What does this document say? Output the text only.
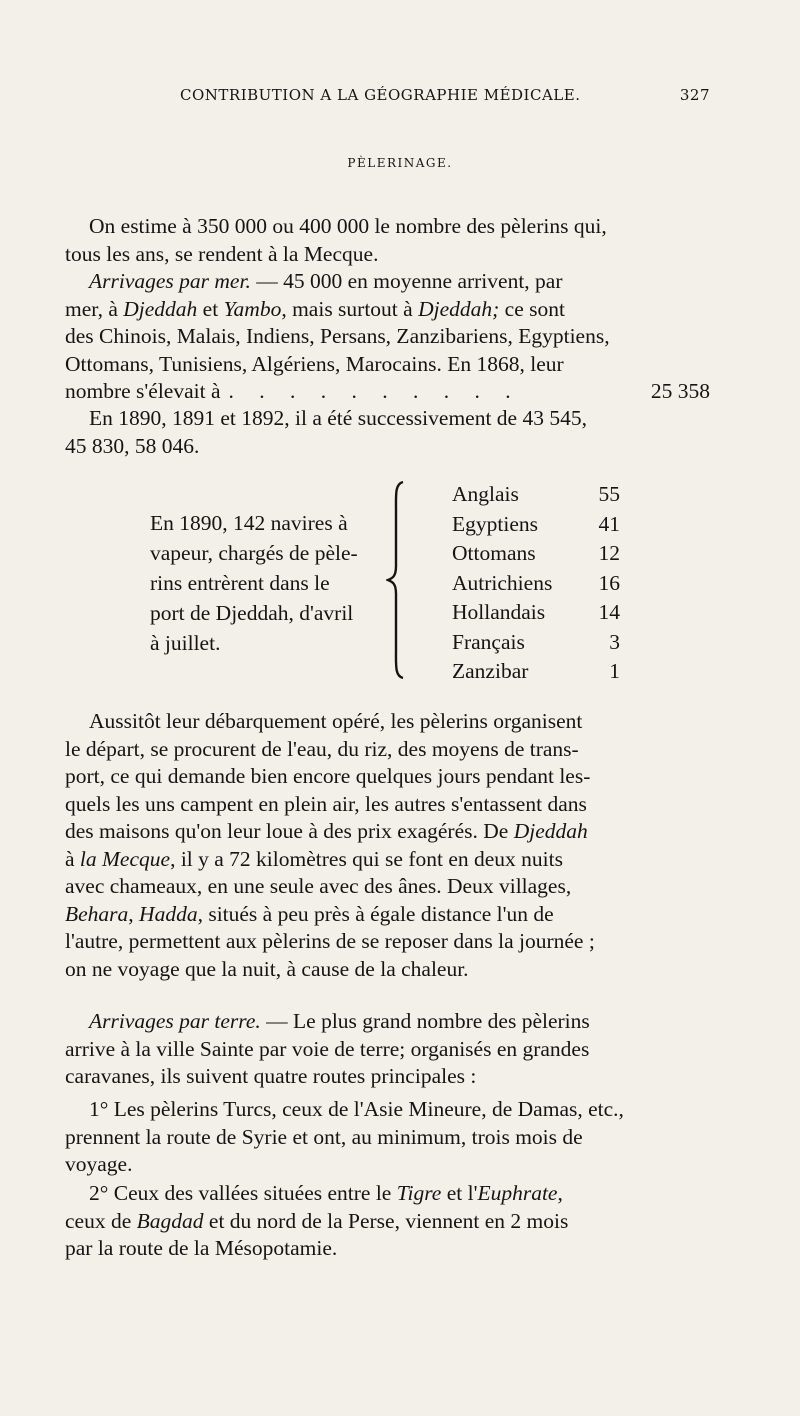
CONTRIBUTION A LA GÉOGRAPHIE MÉDICALE.	327
PÈLERINAGE.
On estime à 350 000 ou 400 000 le nombre des pèlerins qui,
tous les ans, se rendent à la Mecque.
Arrivages par mer. — 45 000 en moyenne arrivent, par
mer, à Djeddah et Yambo, mais surtout à Djeddah; ce sont
des Chinois, Malais, Indiens, Persans, Zanzibariens, Egyptiens,
Ottomans, Tunisiens, Algériens, Marocains. En 1868, leur
nombre s'élevait à . . . . . . . . . .	25 358
En 1890, 1891 et 1892, il a été successivement de 43 545,
45 830, 58 046.
En 1890, 142 navires à
vapeur, chargés de pèle-
rins entrèrent dans le
port de Djeddah, d'avril
à juillet.
Anglais	55
Egyptiens	41
Ottomans	12
Autrichiens 16
Hollandais 14
Français	3
Zanzibar	1
Aussitôt leur débarquement opéré, les pèlerins organisent
le départ, se procurent de l'eau, du riz, des moyens de trans-
port, ce qui demande bien encore quelques jours pendant les-
quels les uns campent en plein air, les autres s'entassent dans
des maisons qu'on leur loue à des prix exagérés. De Djeddah
à la Mecque, il y a 72 kilomètres qui se font en deux nuits
avec chameaux, en une seule avec des ânes. Deux villages,
Behara, Hadda, situés à peu près à égale distance l'un de
l'autre, permettent aux pèlerins de se reposer dans la journée ;
on ne voyage que la nuit, à cause de la chaleur.
Arrivages par terre. — Le plus grand nombre des pèlerins
arrive à la ville Sainte par voie de terre; organisés en grandes
caravanes, ils suivent quatre routes principales :
1° Les pèlerins Turcs, ceux de l'Asie Mineure, de Damas, etc.,
prennent la route de Syrie et ont, au minimum, trois mois de
voyage.
2° Ceux des vallées situées entre le Tigre et l'Euphrate,
ceux de Bagdad et du nord de la Perse, viennent en 2 mois
par la route de la Mésopotamie.
